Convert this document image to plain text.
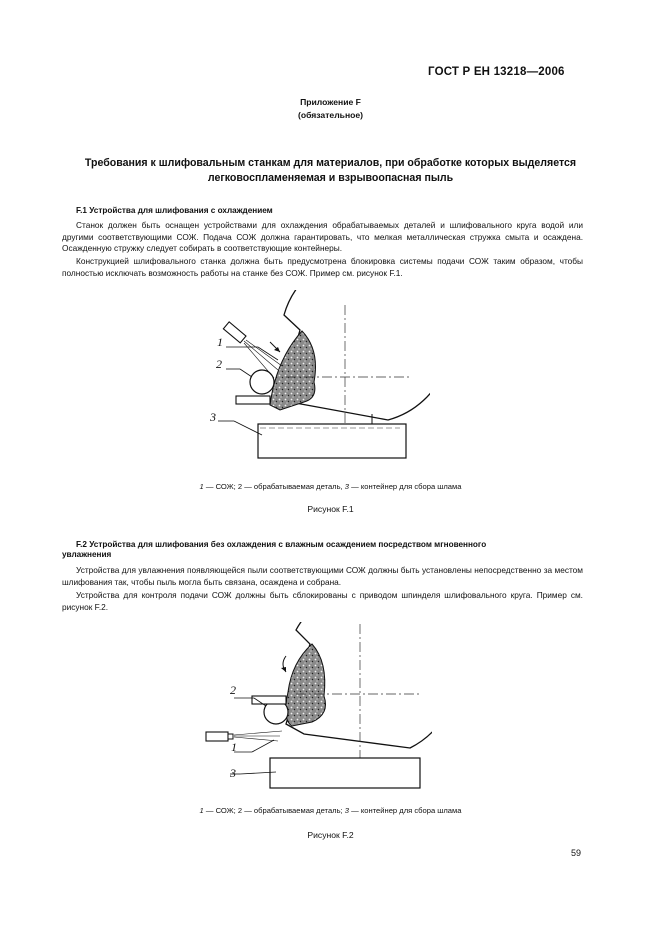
ГОСТ Р ЕН 13218—2006
Приложение F
(обязательное)
Требования к шлифовальным станкам для материалов, при обработке которых выделяется
легковоспламеняемая и взрывоопасная пыль
F.1 Устройства для шлифования с охлаждением
Станок должен быть оснащен устройствами для охлаждения обрабатываемых деталей и шлифовального круга водой или другими соответствующими СОЖ. Подача СОЖ должна гарантировать, что мелкая металлическая стружка смыта и осаждена. Осажденную стружку следует собирать в соответствующие контейнеры.
Конструкцией шлифовального станка должна быть предусмотрена блокировка системы подачи СОЖ таким образом, чтобы полностью исключать возможность работы на станке без СОЖ. Пример см. рисунок F.1.
1
2
3
1 — СОЖ; 2 — обрабатываемая деталь, 3 — контейнер для сбора шлама
Рисунок F.1
F.2 Устройства для шлифования без охлаждения с влажным осаждением посредством мгновенного
увлажнения
Устройства для увлажнения появляющейся пыли соответствующими СОЖ должны быть установлены непосредственно за местом шлифования так, чтобы пыль могла быть связана, осаждена и собрана.
Устройства для контроля подачи СОЖ должны быть сблокированы с приводом шпинделя шлифовального круга. Пример см. рисунок F.2.
2
1
3
1 — СОЖ; 2 — обрабатываемая деталь; 3 — контейнер для сбора шлама
Рисунок F.2
59
